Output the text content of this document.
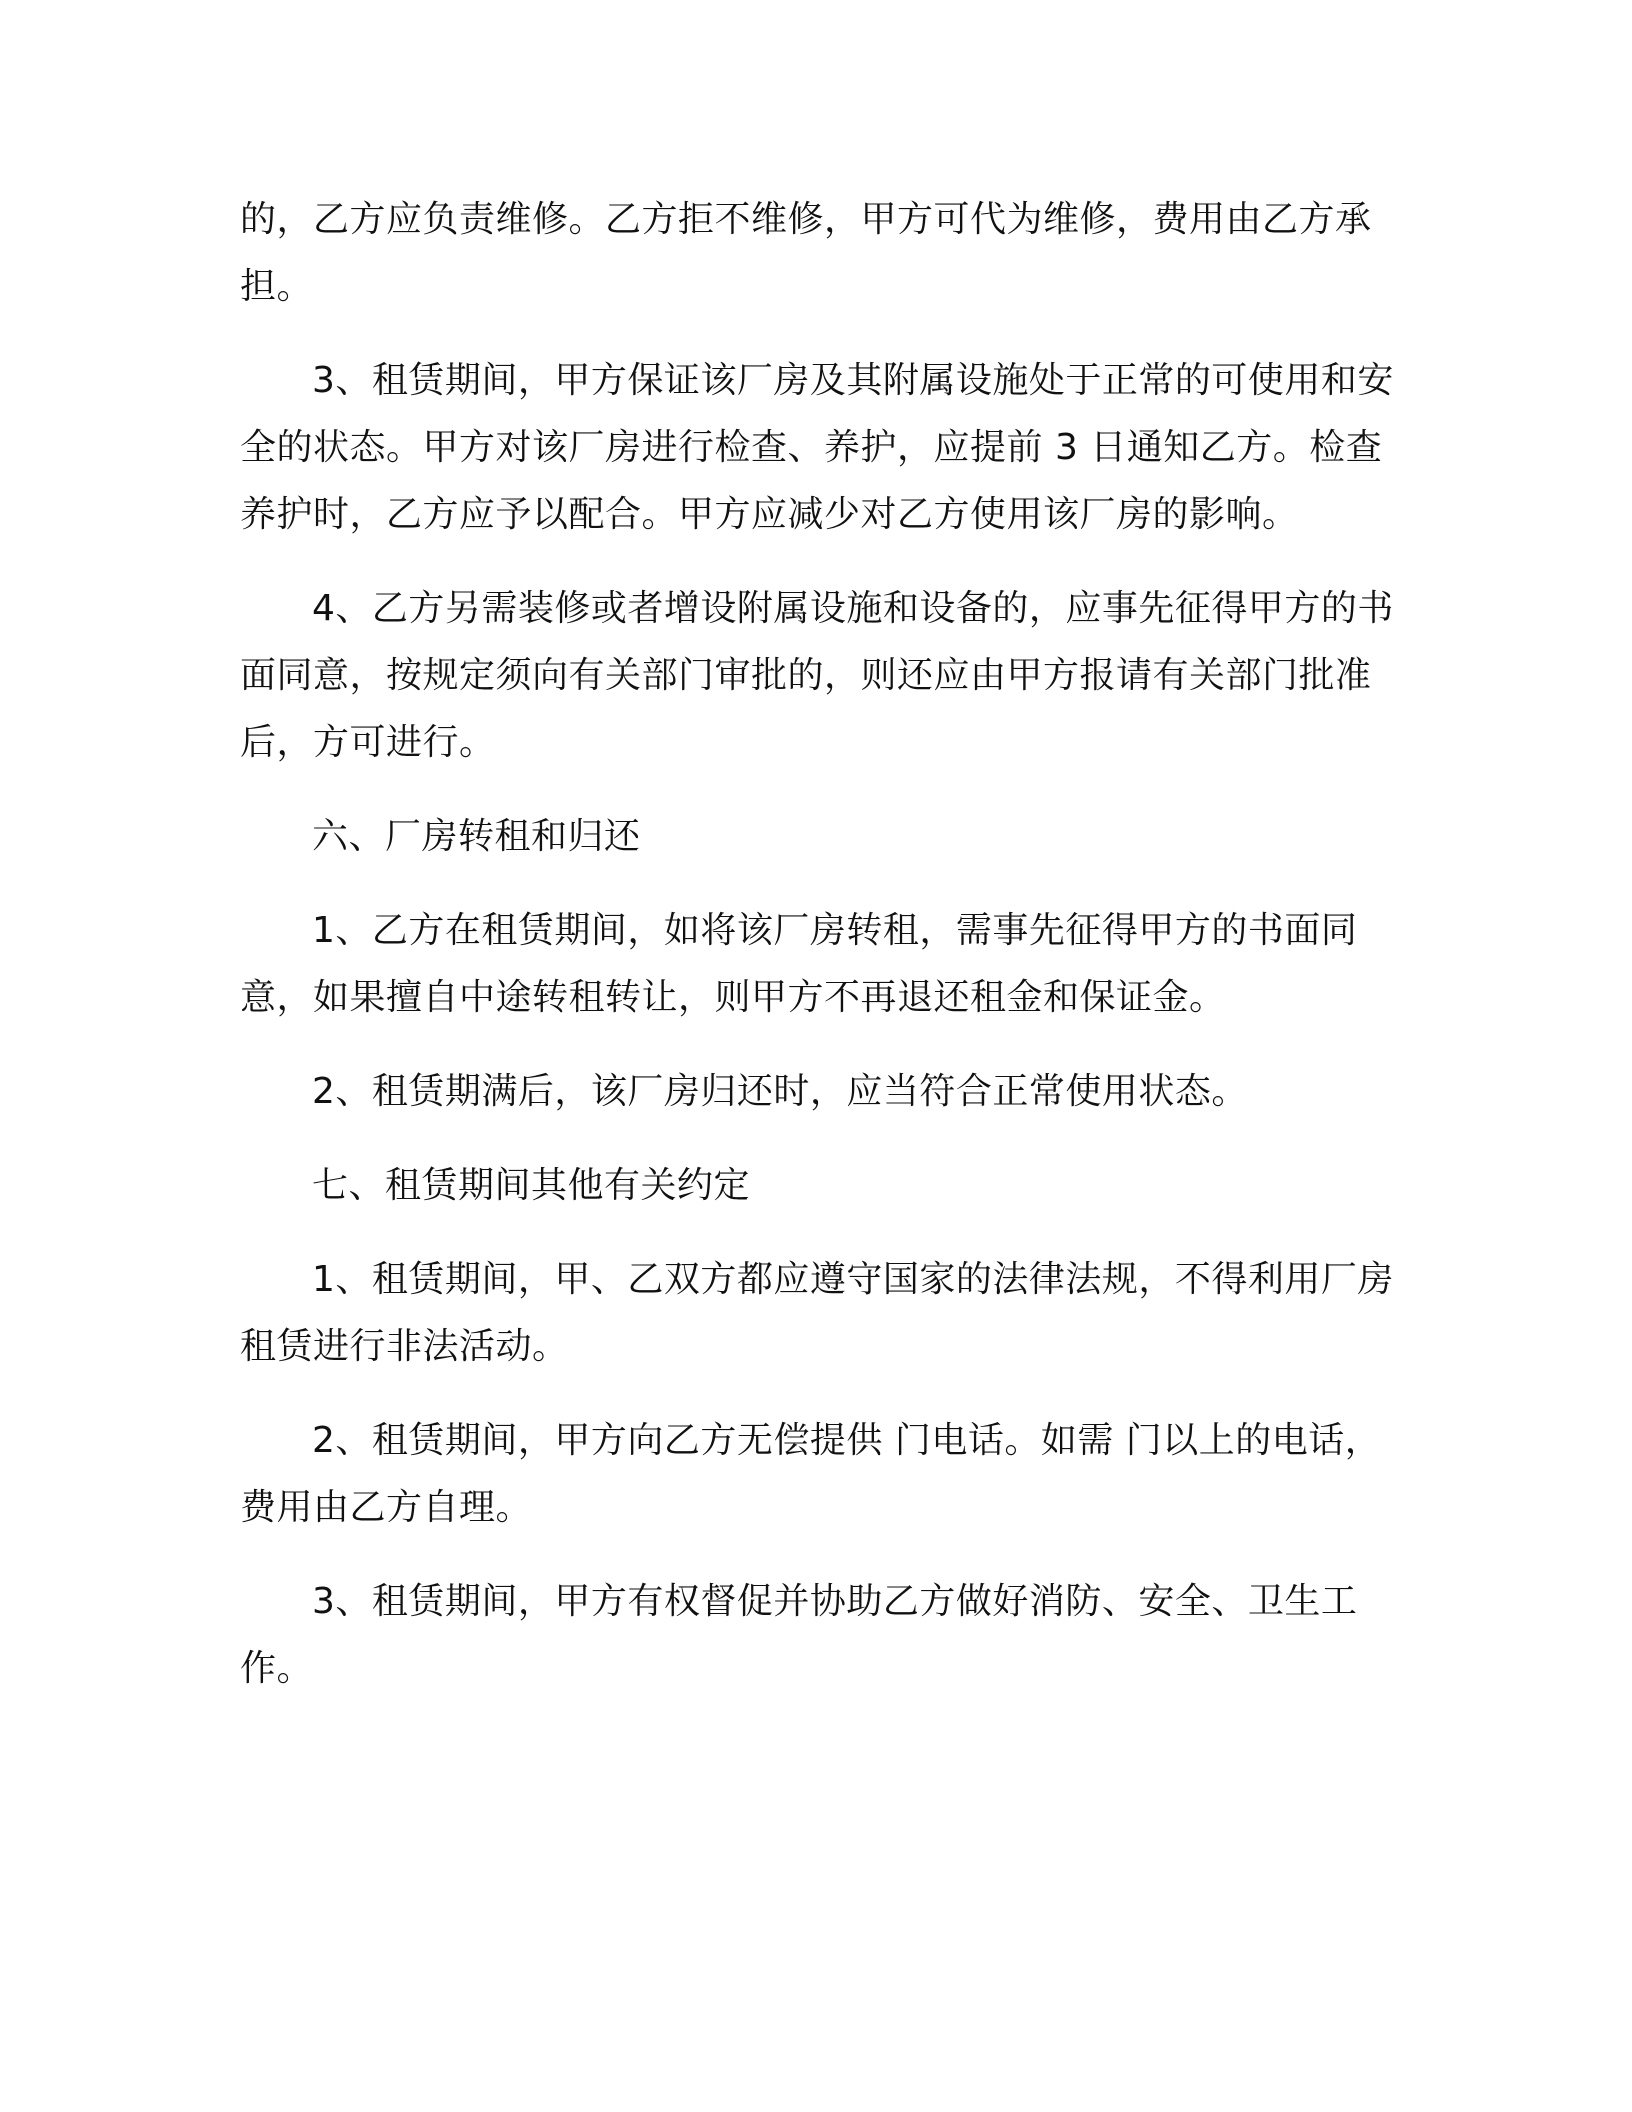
的，乙方应负责维修。乙方拒不维修，甲方可代为维修，费用由乙方承担。

3、租赁期间，甲方保证该厂房及其附属设施处于正常的可使用和安全的状态。甲方对该厂房进行检查、养护，应提前 3 日通知乙方。检查养护时，乙方应予以配合。甲方应减少对乙方使用该厂房的影响。

4、乙方另需装修或者增设附属设施和设备的，应事先征得甲方的书面同意，按规定须向有关部门审批的，则还应由甲方报请有关部门批准后，方可进行。

六、厂房转租和归还

1、乙方在租赁期间，如将该厂房转租，需事先征得甲方的书面同意，如果擅自中途转租转让，则甲方不再退还租金和保证金。

2、租赁期满后，该厂房归还时，应当符合正常使用状态。

七、租赁期间其他有关约定

1、租赁期间，甲、乙双方都应遵守国家的法律法规，不得利用厂房租赁进行非法活动。

2、租赁期间，甲方向乙方无偿提供 门电话。如需 门以上的电话，费用由乙方自理。

3、租赁期间，甲方有权督促并协助乙方做好消防、安全、卫生工作。
